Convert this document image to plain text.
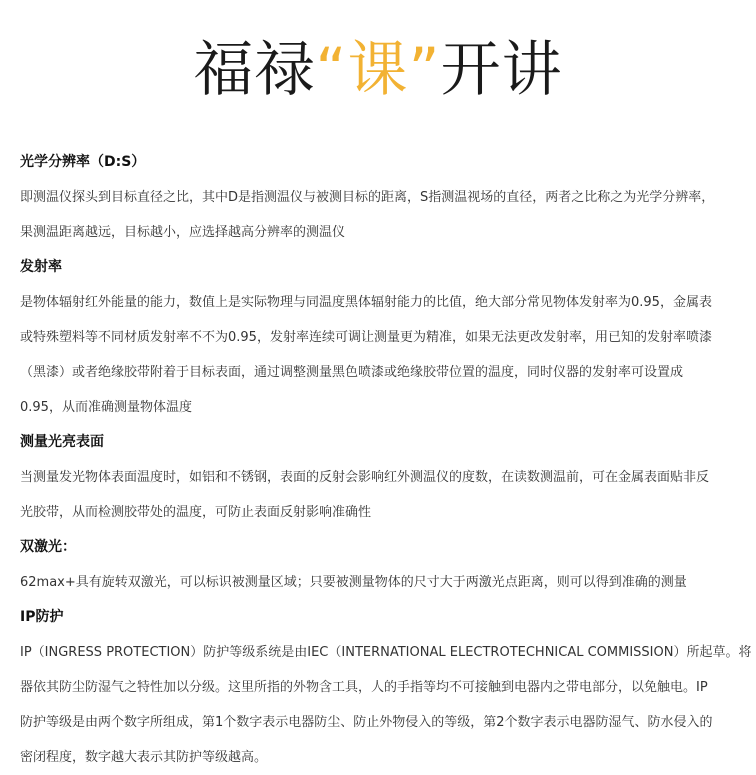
福禄“课”开讲
光学分辨率（D:S）
即测温仪探头到目标直径之比，其中D是指测温仪与被测目标的距离，S指测温视场的直径，两者之比称之为光学分辨率，
果测温距离越远，目标越小，应选择越高分辨率的测温仪
发射率
是物体辐射红外能量的能力，数值上是实际物理与同温度黑体辐射能力的比值，绝大部分常见物体发射率为0.95，金属表
或特殊塑料等不同材质发射率不不为0.95，发射率连续可调让测量更为精准，如果无法更改发射率，用已知的发射率喷漆
（黑漆）或者绝缘胶带附着于目标表面，通过调整测量黑色喷漆或绝缘胶带位置的温度，同时仪器的发射率可设置成
0.95，从而准确测量物体温度
测量光亮表面
当测量发光物体表面温度时，如铝和不锈钢，表面的反射会影响红外测温仪的度数，在读数测温前，可在金属表面贴非反
光胶带，从而检测胶带处的温度，可防止表面反射影响准确性
双激光：
62max+具有旋转双激光，可以标识被测量区域；只要被测量物体的尺寸大于两激光点距离，则可以得到准确的测量
IP防护
IP（INGRESS PROTECTION）防护等级系统是由IEC（INTERNATIONAL ELECTROTECHNICAL COMMISSION）所起草。将
器依其防尘防湿气之特性加以分级。这里所指的外物含工具，人的手指等均不可接触到电器内之带电部分，以免触电。IP
防护等级是由两个数字所组成，第1个数字表示电器防尘、防止外物侵入的等级，第2个数字表示电器防湿气、防水侵入的
密闭程度，数字越大表示其防护等级越高。
